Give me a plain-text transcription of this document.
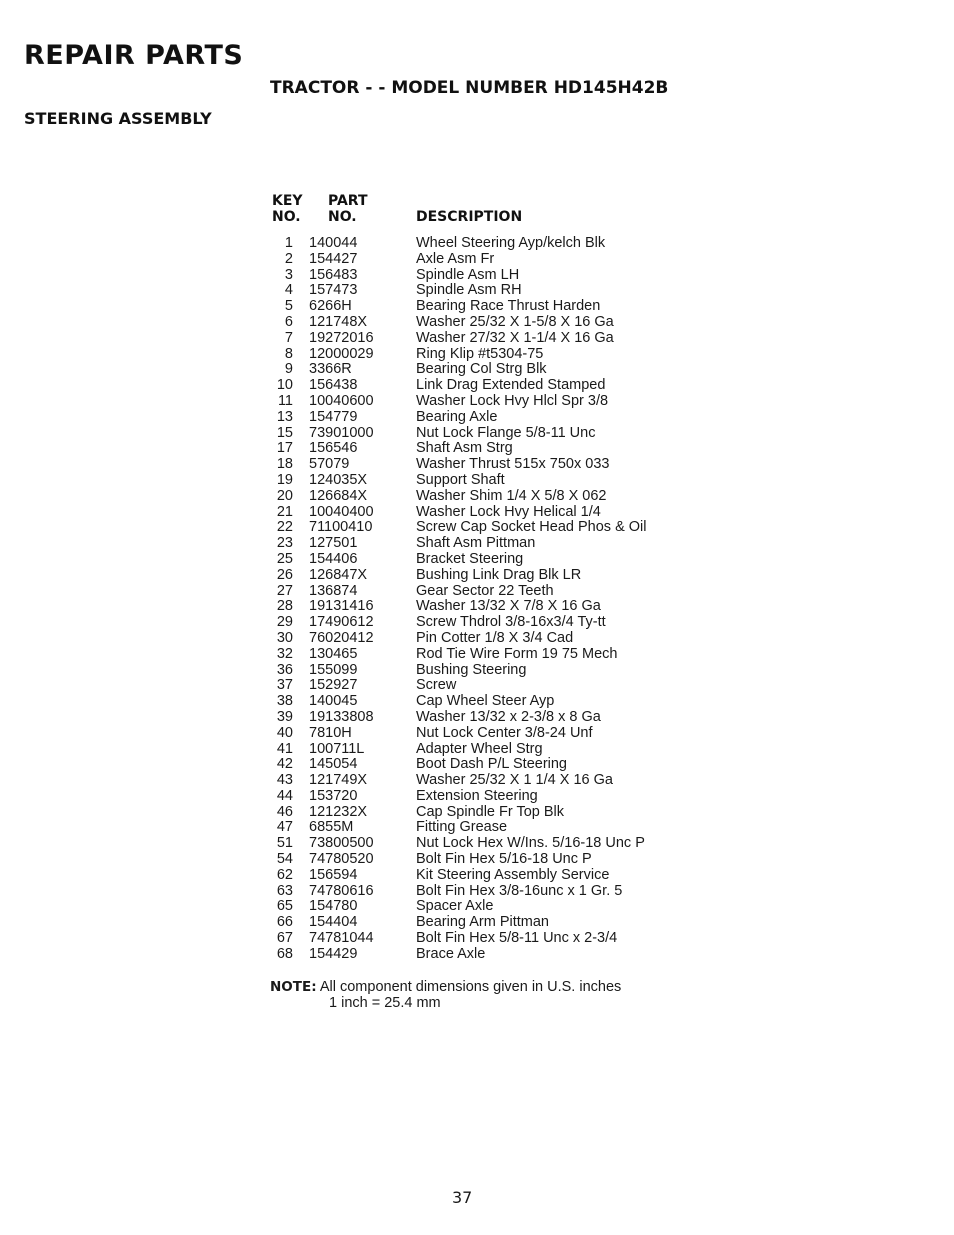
REPAIR PARTS
TRACTOR - - MODEL NUMBER HD145H42B
STEERING ASSEMBLY
KEY
NO.
PART
NO.	DESCRIPTION
1 140044	Wheel Steering Ayp/kelch Blk
2 154427	Axle Asm Fr
3 156483	Spindle Asm LH
4 157473	Spindle Asm RH
5 6266H	Bearing Race Thrust Harden
6 121748X	Washer 25/32 X 1-5/8 X 16 Ga
7 19272016	Washer 27/32 X 1-1/4 X 16 Ga
8 12000029	Ring Klip #t5304-75
9 3366R	Bearing Col Strg Blk
10 156438	Link Drag Extended Stamped
11 10040600	Washer Lock Hvy Hlcl Spr 3/8
13 154779	Bearing Axle
15 73901000	Nut Lock Flange 5/8-11 Unc
17 156546	Shaft Asm Strg
18 57079	Washer Thrust 515x 750x 033
19 124035X	Support Shaft
20 126684X	Washer Shim 1/4 X 5/8 X 062
21 10040400	Washer Lock Hvy Helical 1/4
22 71100410	Screw Cap Socket Head Phos & Oil
23 127501	Shaft Asm Pittman
25 154406	Bracket Steering
26 126847X	Bushing Link Drag Blk LR
27 136874	Gear Sector 22 Teeth
28 19131416	Washer 13/32 X 7/8 X 16 Ga
29 17490612	Screw Thdrol 3/8-16x3/4 Ty-tt
30 76020412	Pin Cotter 1/8 X 3/4 Cad
32 130465	Rod Tie Wire Form 19 75 Mech
36 155099	Bushing Steering
37 152927	Screw
38 140045	Cap Wheel Steer Ayp
39 19133808	Washer 13/32 x 2-3/8 x 8 Ga
40 7810H	Nut Lock Center 3/8-24 Unf
41 100711L	Adapter Wheel Strg
42 145054	Boot Dash P/L Steering
43 121749X	Washer 25/32 X 1 1/4 X 16 Ga
44 153720	Extension Steering
46 121232X	Cap Spindle Fr Top Blk
47 6855M	Fitting Grease
51 73800500	Nut Lock Hex W/Ins. 5/16-18 Unc P
54 74780520	Bolt Fin Hex 5/16-18 Unc P
62 156594	Kit Steering Assembly Service
63 74780616	Bolt Fin Hex 3/8-16unc x 1 Gr. 5
65 154780	Spacer Axle
66 154404	Bearing Arm Pittman
67 74781044	Bolt Fin Hex 5/8-11 Unc x 2-3/4
68 154429	Brace Axle
NOTE: All component dimensions given in U.S. inches
1 inch = 25.4 mm
37
